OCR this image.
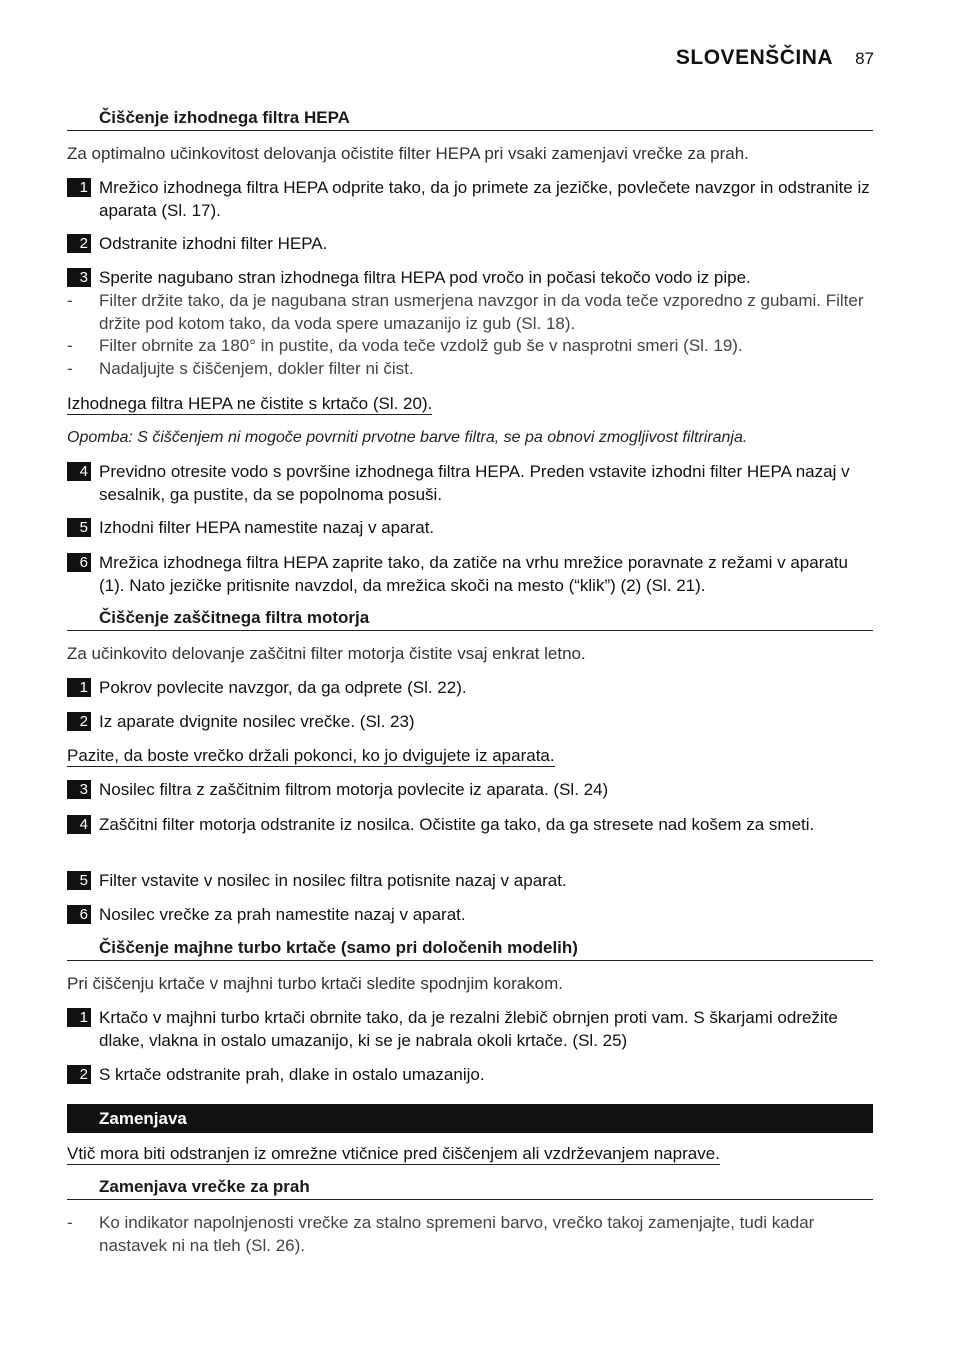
SLOVENŠČINA 87
Čiščenje izhodnega filtra HEPA
Za optimalno učinkovitost delovanja očistite filter HEPA pri vsaki zamenjavi vrečke za prah.
1 Mrežico izhodnega filtra HEPA odprite tako, da jo primete za jezičke, povlečete navzgor in odstranite iz aparata (Sl. 17).
2 Odstranite izhodni filter HEPA.
3 Sperite nagubano stran izhodnega filtra HEPA pod vročo in počasi tekočo vodo iz pipe.
-	Filter držite tako, da je nagubana stran usmerjena navzgor in da voda teče vzporedno z gubami. Filter držite pod kotom tako, da voda spere umazanijo iz gub (Sl. 18).
-	Filter obrnite za 180° in pustite, da voda teče vzdolž gub še v nasprotni smeri (Sl. 19).
-	Nadaljujte s čiščenjem, dokler filter ni čist.
Izhodnega filtra HEPA ne čistite s krtačo (Sl. 20).
Opomba: S čiščenjem ni mogoče povrniti prvotne barve filtra, se pa obnovi zmogljivost filtriranja.
4 Previdno otresite vodo s površine izhodnega filtra HEPA. Preden vstavite izhodni filter HEPA nazaj v sesalnik, ga pustite, da se popolnoma posuši.
5 Izhodni filter HEPA namestite nazaj v aparat.
6 Mrežica izhodnega filtra HEPA zaprite tako, da zatiče na vrhu mrežice poravnate z režami v aparatu (1). Nato jezičke pritisnite navzdol, da mrežica skoči na mesto (“klik”) (2) (Sl. 21).
Čiščenje zaščitnega filtra motorja
Za učinkovito delovanje zaščitni filter motorja čistite vsaj enkrat letno.
1 Pokrov povlecite navzgor, da ga odprete (Sl. 22).
2 Iz aparate dvignite nosilec vrečke. (Sl. 23)
Pazite, da boste vrečko držali pokonci, ko jo dvigujete iz aparata.
3 Nosilec filtra z zaščitnim filtrom motorja povlecite iz aparata. (Sl. 24)
4 Zaščitni filter motorja odstranite iz nosilca. Očistite ga tako, da ga stresete nad košem za smeti.
5 Filter vstavite v nosilec in nosilec filtra potisnite nazaj v aparat.
6 Nosilec vrečke za prah namestite nazaj v aparat.
Čiščenje majhne turbo krtače (samo pri določenih modelih)
Pri čiščenju krtače v majhni turbo krtači sledite spodnjim korakom.
1 Krtačo v majhni turbo krtači obrnite tako, da je rezalni žlebič obrnjen proti vam. S škarjami odrežite dlake, vlakna in ostalo umazanijo, ki se je nabrala okoli krtače. (Sl. 25)
2 S krtače odstranite prah, dlake in ostalo umazanijo.
Zamenjava
Vtič mora biti odstranjen iz omrežne vtičnice pred čiščenjem ali vzdrževanjem naprave.
Zamenjava vrečke za prah
-	Ko indikator napolnjenosti vrečke za stalno spremeni barvo, vrečko takoj zamenjajte, tudi kadar nastavek ni na tleh (Sl. 26).
